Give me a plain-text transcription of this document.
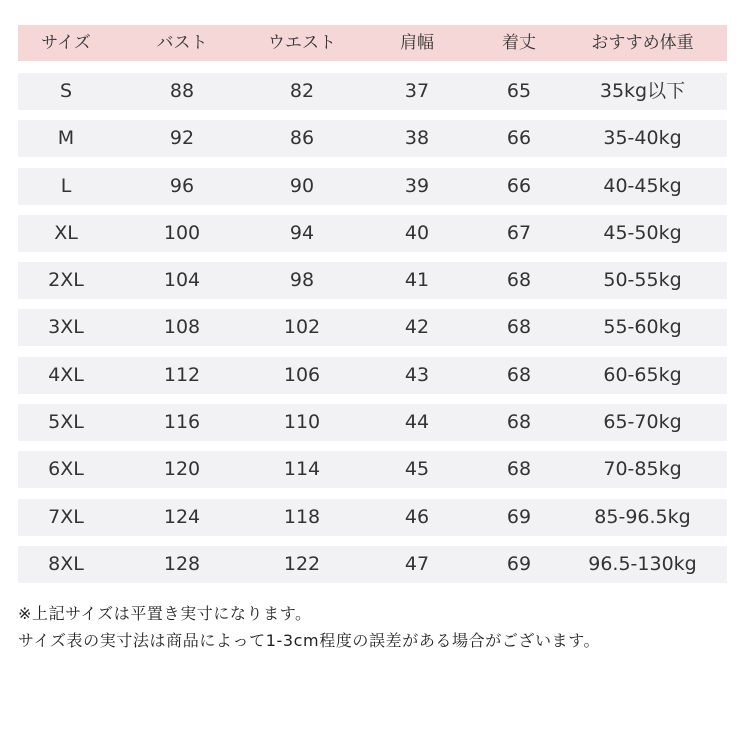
サイズ	バスト	ウエスト	肩幅	着丈	おすすめ体重
S	88	82	37	65	35kg以下
M	92	86	38	66	35-40kg
L	96	90	39	66	40-45kg
XL	100	94	40	67	45-50kg
2XL	104	98	41	68	50-55kg
3XL	108	102	42	68	55-60kg
4XL	112	106	43	68	60-65kg
5XL	116	110	44	68	65-70kg
6XL	120	114	45	68	70-85kg
7XL	124	118	46	69	85-96.5kg
8XL	128	122	47	69	96.5-130kg

※上記サイズは平置き実寸になります。

サイズ表の実寸法は商品によって1-3cm程度の誤差がある場合がございます。
